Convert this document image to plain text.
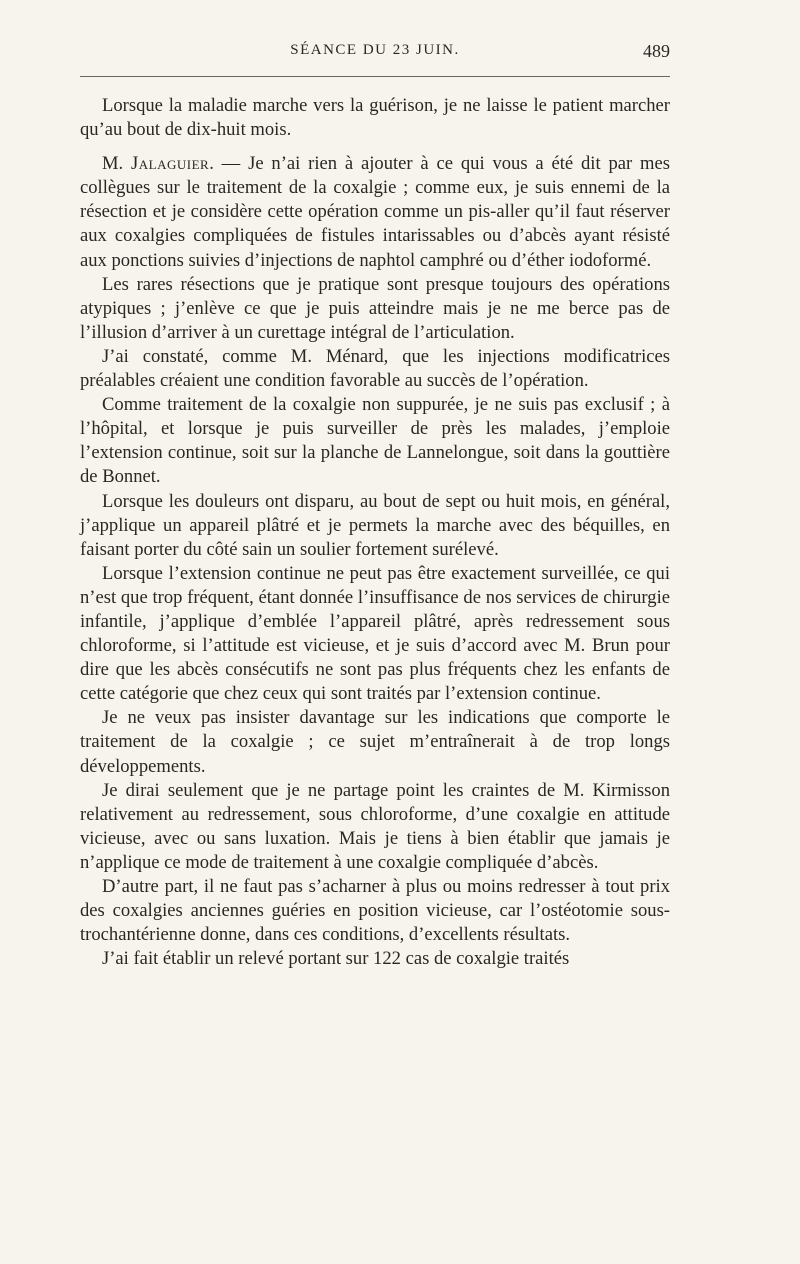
SÉANCE DU 23 JUIN.	489

Lorsque la maladie marche vers la guérison, je ne laisse le patient marcher qu’au bout de dix-huit mois.

M. Jalaguier. — Je n’ai rien à ajouter à ce qui vous a été dit par mes collègues sur le traitement de la coxalgie ; comme eux, je suis ennemi de la résection et je considère cette opération comme un pis-aller qu’il faut réserver aux coxalgies compliquées de fistules intarissables ou d’abcès ayant résisté aux ponctions suivies d’injections de naphtol camphré ou d’éther iodoformé.

Les rares résections que je pratique sont presque toujours des opérations atypiques ; j’enlève ce que je puis atteindre mais je ne me berce pas de l’illusion d’arriver à un curettage intégral de l’articulation.

J’ai constaté, comme M. Ménard, que les injections modificatrices préalables créaient une condition favorable au succès de l’opération.

Comme traitement de la coxalgie non suppurée, je ne suis pas exclusif ; à l’hôpital, et lorsque je puis surveiller de près les malades, j’emploie l’extension continue, soit sur la planche de Lannelongue, soit dans la gouttière de Bonnet.

Lorsque les douleurs ont disparu, au bout de sept ou huit mois, en général, j’applique un appareil plâtré et je permets la marche avec des béquilles, en faisant porter du côté sain un soulier fortement surélevé.

Lorsque l’extension continue ne peut pas être exactement surveillée, ce qui n’est que trop fréquent, étant donnée l’insuffisance de nos services de chirurgie infantile, j’applique d’emblée l’appareil plâtré, après redressement sous chloroforme, si l’attitude est vicieuse, et je suis d’accord avec M. Brun pour dire que les abcès consécutifs ne sont pas plus fréquents chez les enfants de cette catégorie que chez ceux qui sont traités par l’extension continue.

Je ne veux pas insister davantage sur les indications que comporte le traitement de la coxalgie ; ce sujet m’entraînerait à de trop longs développements.

Je dirai seulement que je ne partage point les craintes de M. Kirmisson relativement au redressement, sous chloroforme, d’une coxalgie en attitude vicieuse, avec ou sans luxation. Mais je tiens à bien établir que jamais je n’applique ce mode de traitement à une coxalgie compliquée d’abcès.

D’autre part, il ne faut pas s’acharner à plus ou moins redresser à tout prix des coxalgies anciennes guéries en position vicieuse, car l’ostéotomie sous-trochantérienne donne, dans ces conditions, d’excellents résultats.

J’ai fait établir un relevé portant sur 122 cas de coxalgie traités
